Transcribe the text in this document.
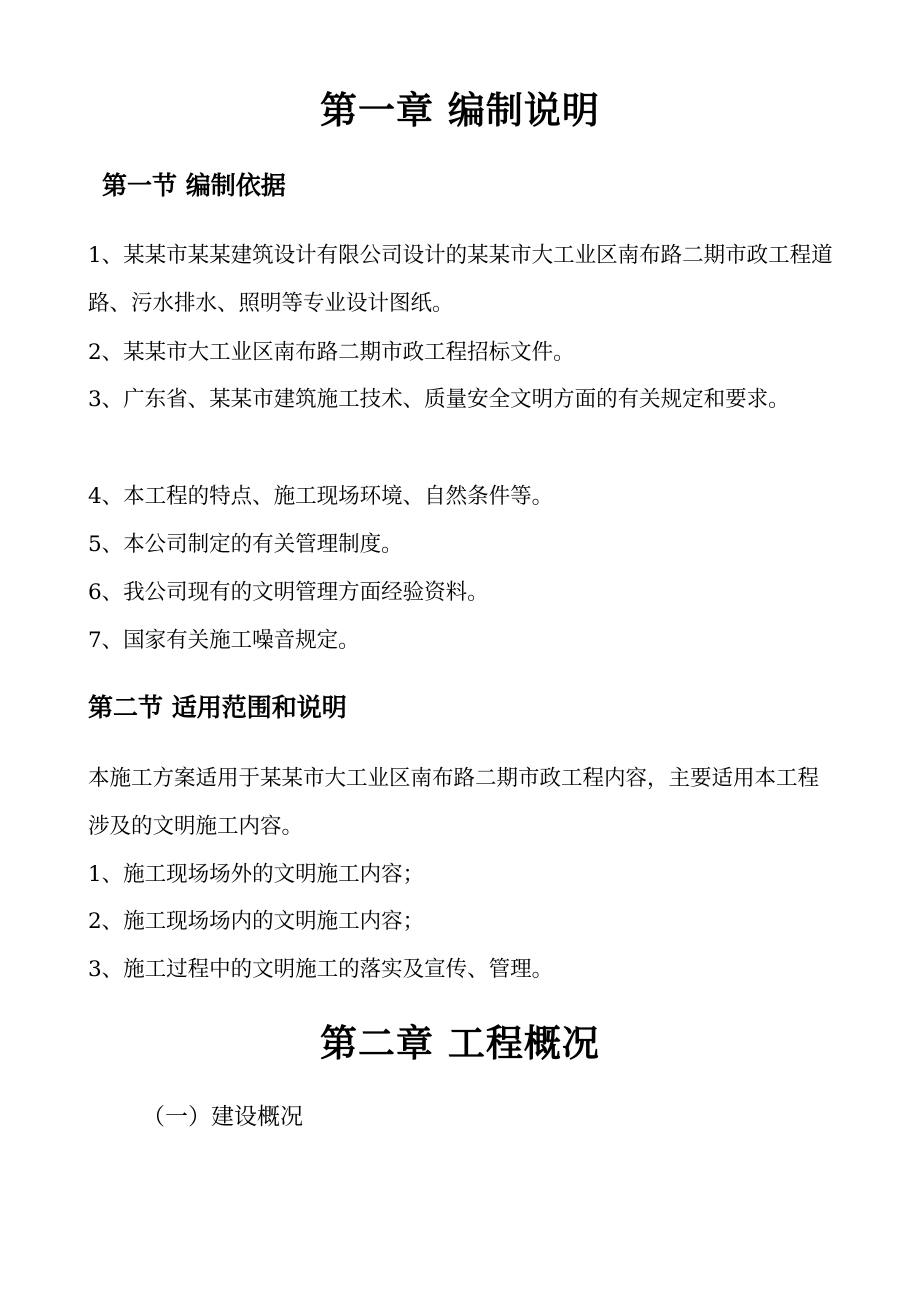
第一章 编制说明
第一节 编制依据

1、某某市某某建筑设计有限公司设计的某某市大工业区南布路二期市政工程道路、污水排水、照明等专业设计图纸。

2、某某市大工业区南布路二期市政工程招标文件。

3、广东省、某某市建筑施工技术、质量安全文明方面的有关规定和要求。

4、本工程的特点、施工现场环境、自然条件等。

5、本公司制定的有关管理制度。

6、我公司现有的文明管理方面经验资料。

7、国家有关施工噪音规定。

第二节 适用范围和说明

本施工方案适用于某某市大工业区南布路二期市政工程内容，主要适用本工程涉及的文明施工内容。

1、施工现场场外的文明施工内容；

2、施工现场场内的文明施工内容；

3、施工过程中的文明施工的落实及宣传、管理。

第二章 工程概况

（一）建设概况
